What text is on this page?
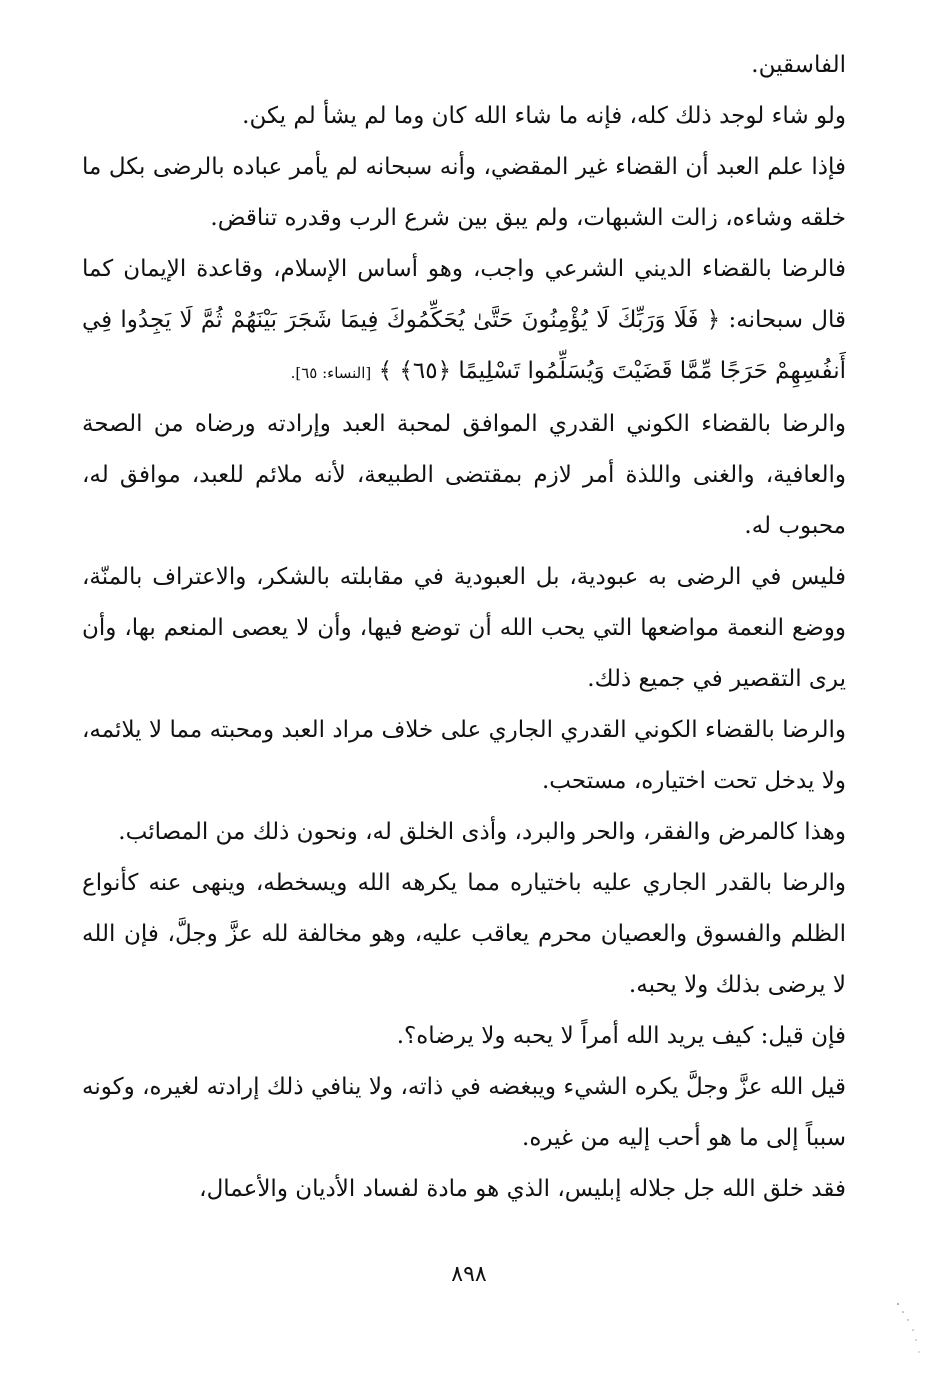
الفاسقين.

ولو شاء لوجد ذلك كله، فإنه ما شاء الله كان وما لم يشأ لم يكن.

فإذا علم العبد أن القضاء غير المقضي، وأنه سبحانه لم يأمر عباده بالرضى بكل ما خلقه وشاءه، زالت الشبهات، ولم يبق بين شرع الرب وقدره تناقض.

فالرضا بالقضاء الديني الشرعي واجب، وهو أساس الإسلام، وقاعدة الإيمان كما قال سبحانه: ﴿ فَلَا وَرَبِّكَ لَا يُؤْمِنُونَ حَتَّىٰ يُحَكِّمُوكَ فِيمَا شَجَرَ بَيْنَهُمْ ثُمَّ لَا يَجِدُوا فِي أَنفُسِهِمْ حَرَجًا مِّمَّا قَضَيْتَ وَيُسَلِّمُوا تَسْلِيمًا ﴿٦٥﴾ ﴾ [النساء: ٦٥].

والرضا بالقضاء الكوني القدري الموافق لمحبة العبد وإرادته ورضاه من الصحة والعافية، والغنى واللذة أمر لازم بمقتضى الطبيعة، لأنه ملائم للعبد، موافق له، محبوب له.

فليس في الرضى به عبودية، بل العبودية في مقابلته بالشكر، والاعتراف بالمنّة، ووضع النعمة مواضعها التي يحب الله أن توضع فيها، وأن لا يعصى المنعم بها، وأن يرى التقصير في جميع ذلك.

والرضا بالقضاء الكوني القدري الجاري على خلاف مراد العبد ومحبته مما لا يلائمه، ولا يدخل تحت اختياره، مستحب.

وهذا كالمرض والفقر، والحر والبرد، وأذى الخلق له، ونحون ذلك من المصائب.

والرضا بالقدر الجاري عليه باختياره مما يكرهه الله ويسخطه، وينهى عنه كأنواع الظلم والفسوق والعصيان محرم يعاقب عليه، وهو مخالفة لله عزَّ وجلَّ، فإن الله لا يرضى بذلك ولا يحبه.

فإن قيل: كيف يريد الله أمراً لا يحبه ولا يرضاه؟.

قيل الله عزَّ وجلَّ يكره الشيء ويبغضه في ذاته، ولا ينافي ذلك إرادته لغيره، وكونه سبباً إلى ما هو أحب إليه من غيره.

فقد خلق الله جل جلاله إبليس، الذي هو مادة لفساد الأديان والأعمال،

٨٩٨
